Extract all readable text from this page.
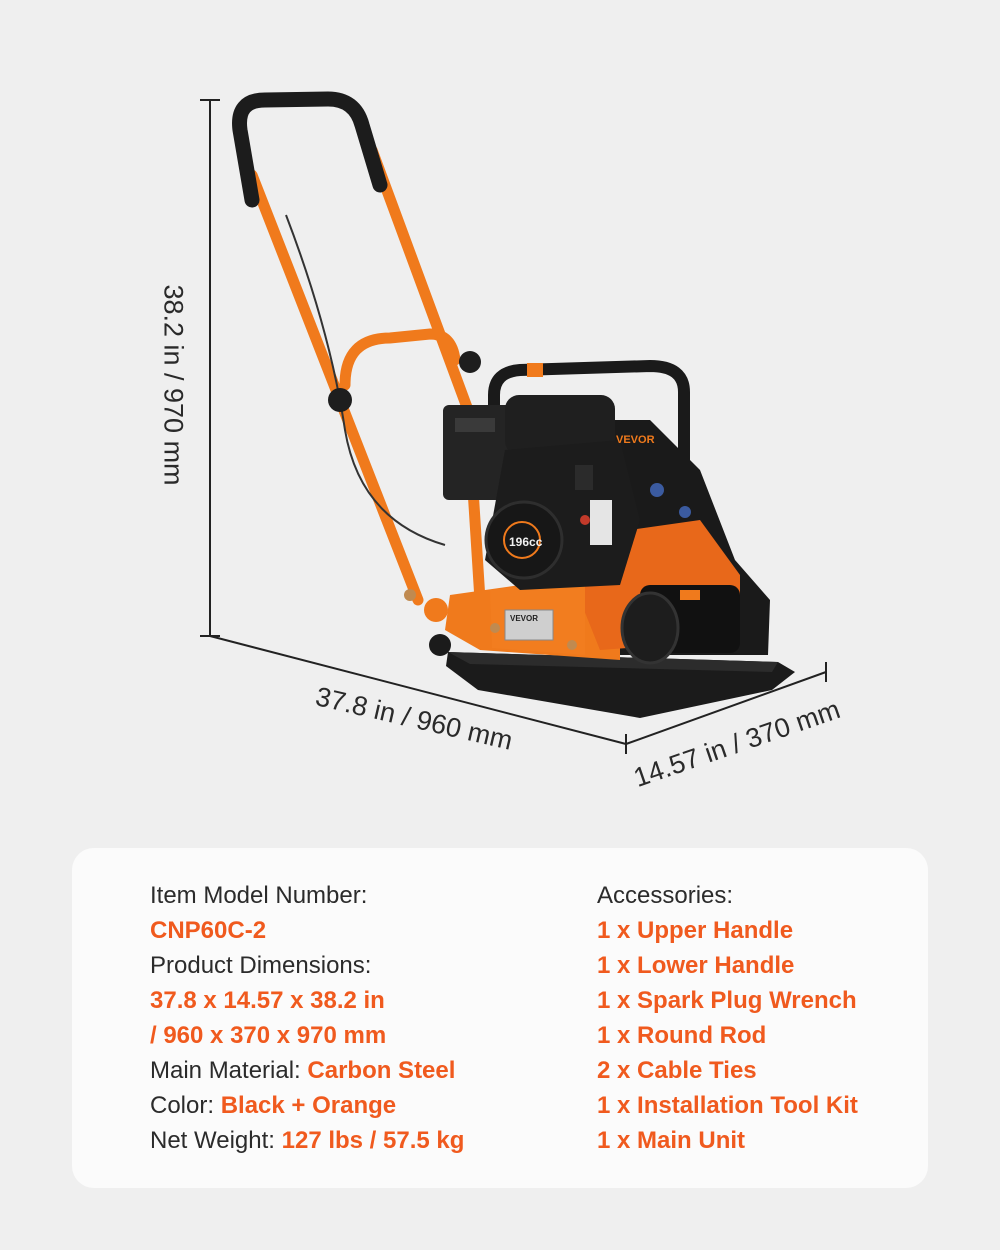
VEVOR
196cc
VEVOR
38.2 in / 970 mm
37.8 in / 960 mm	14.57 in / 370 mm
Item Model Number:
CNP60C-2
Product Dimensions:
37.8 x 14.57 x 38.2 in
/ 960 x 370 x 970 mm
Main Material: Carbon Steel
Color: Black + Orange
Net Weight: 127 lbs / 57.5 kg
Accessories:
1 x Upper Handle
1 x Lower Handle
1 x Spark Plug Wrench
1 x Round Rod
2 x Cable Ties
1 x Installation Tool Kit
1 x Main Unit
